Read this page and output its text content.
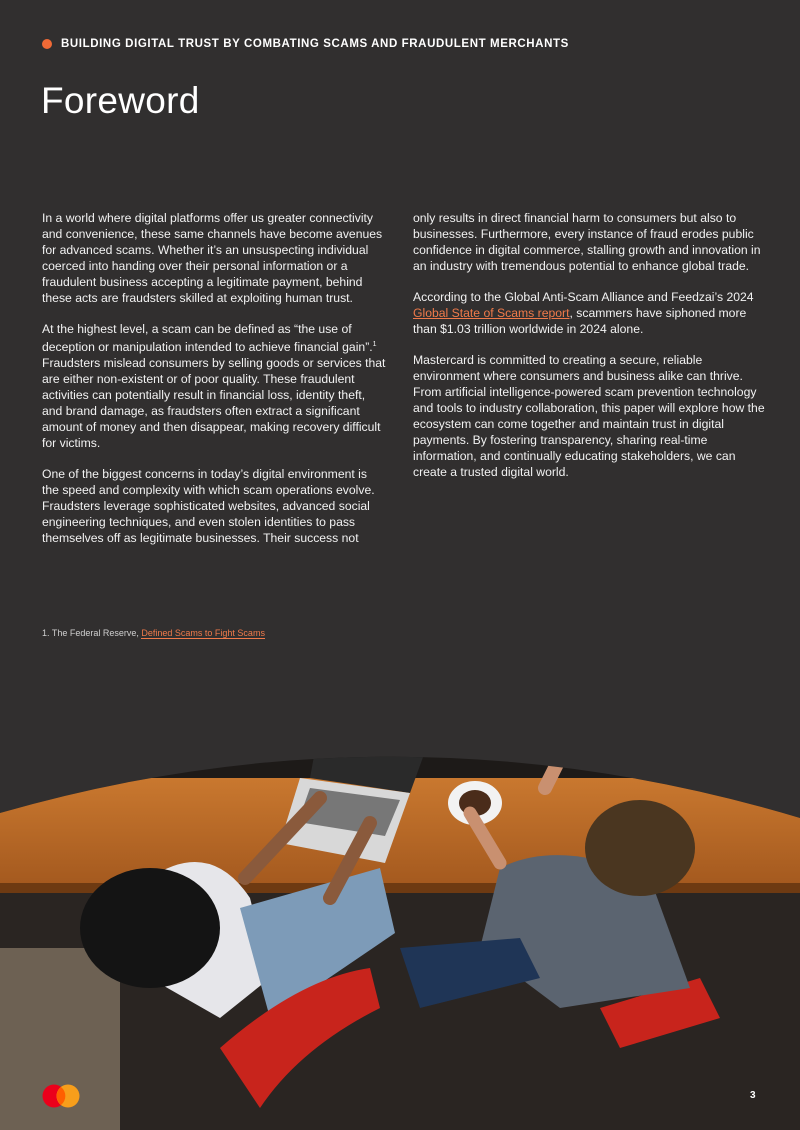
BUILDING DIGITAL TRUST BY COMBATING SCAMS AND FRAUDULENT MERCHANTS
Foreword

In a world where digital platforms offer us greater connectivity and convenience, these same channels have become avenues for advanced scams. Whether it’s an unsuspecting individual coerced into handing over their personal information or a fraudulent business accepting a legitimate payment, behind these acts are fraudsters skilled at exploiting human trust.

At the highest level, a scam can be defined as “the use of deception or manipulation intended to achieve financial gain”.$^1$
Fraudsters mislead consumers by selling goods or services that are either non-existent or of poor quality. These fraudulent activities can potentially result in financial loss, identity theft, and brand damage, as fraudsters often extract a significant amount of money and then disappear, making recovery difficult for victims.

One of the biggest concerns in today’s digital environment is the speed and complexity with which scam operations evolve. Fraudsters leverage sophisticated websites, advanced social engineering techniques, and even stolen identities to pass themselves off as legitimate businesses. Their success not

only results in direct financial harm to consumers but also to businesses. Furthermore, every instance of fraud erodes public confidence in digital commerce, stalling growth and innovation in an industry with tremendous potential to enhance global trade.

According to the Global Anti-Scam Alliance and Feedzai’s 2024 Global State of Scams report, scammers have siphoned more than $1.03 trillion worldwide in 2024 alone.

Mastercard is committed to creating a secure, reliable environment where consumers and business alike can thrive. From artificial intelligence-powered scam prevention technology and tools to industry collaboration, this paper will explore how the ecosystem can come together and maintain trust in digital payments. By fostering transparency, sharing real-time information, and continually educating stakeholders, we can create a trusted digital world.

1. The Federal Reserve, Defined Scams to Fight Scams
3
